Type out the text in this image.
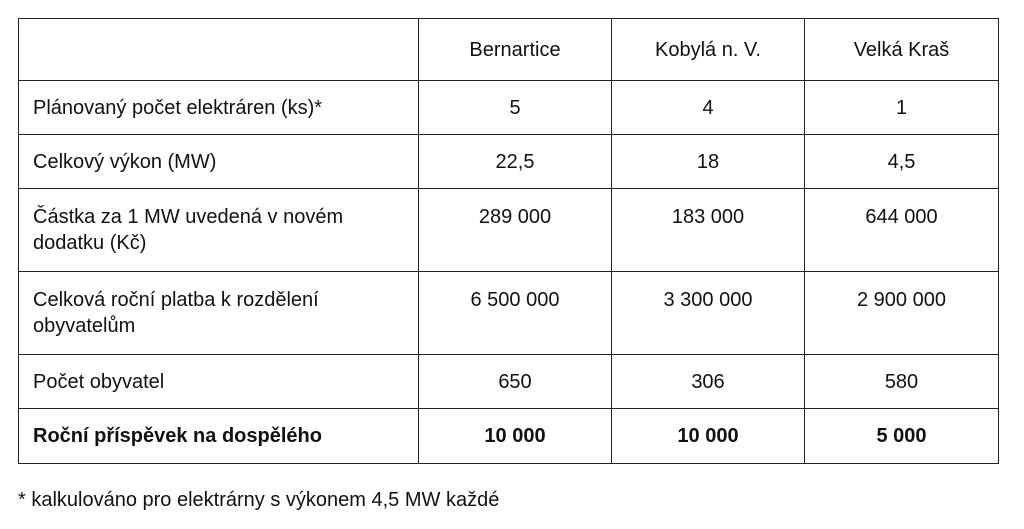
	Bernartice	Kobylá n. V.	Velká Kraš
Plánovaný počet elektráren (ks)*	5	4	1
Celkový výkon (MW)	22,5	18	4,5
Částka za 1 MW uvedená v novém dodatku (Kč)	289 000	183 000	644 000
Celková roční platba k rozdělení obyvatelům	6 500 000	3 300 000	2 900 000
Počet obyvatel	650	306	580
Roční příspěvek na dospělého	10 000	10 000	5 000

* kalkulováno pro elektrárny s výkonem 4,5 MW každé
